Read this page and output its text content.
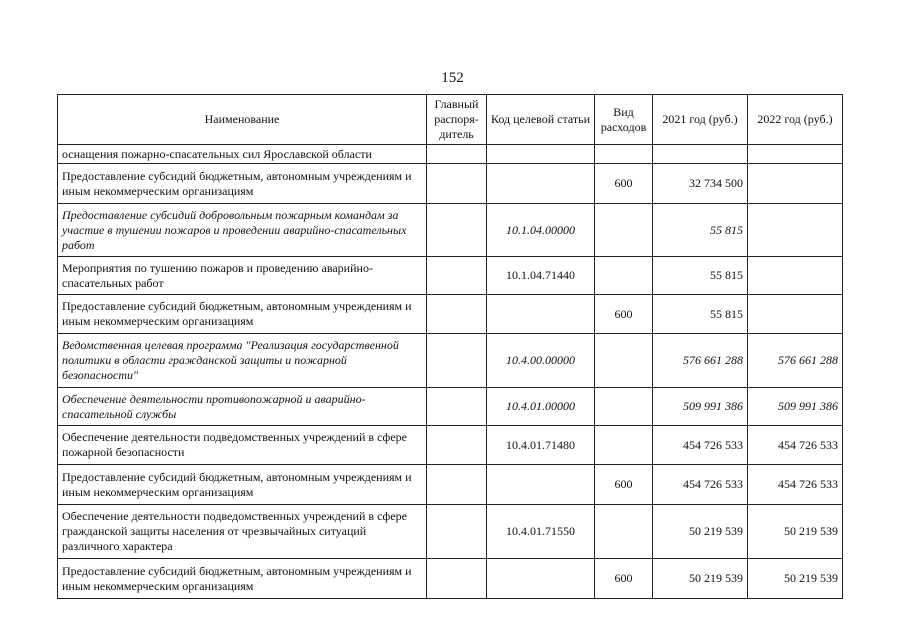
152
Наименование	Главный распоря-дитель	Код целевой статьи	Вид расходов	2021 год (руб.)	2022 год (руб.)
оснащения пожарно-спасательных сил Ярославской области					
Предоставление субсидий бюджетным, автономным учреждениям и иным некоммерческим организациям			600	32 734 500	
Предоставление субсидий добровольным пожарным командам за участие в тушении пожаров и проведении аварийно-спасательных работ		10.1.04.00000		55 815	
Мероприятия по тушению пожаров и проведению аварийно-спасательных работ		10.1.04.71440		55 815	
Предоставление субсидий бюджетным, автономным учреждениям и иным некоммерческим организациям			600	55 815	
Ведомственная целевая программа "Реализация государственной политики в области гражданской защиты и пожарной безопасности"		10.4.00.00000		576 661 288	576 661 288
Обеспечение деятельности противопожарной и аварийно-спасательной службы		10.4.01.00000		509 991 386	509 991 386
Обеспечение деятельности подведомственных учреждений в сфере пожарной безопасности		10.4.01.71480		454 726 533	454 726 533
Предоставление субсидий бюджетным, автономным учреждениям и иным некоммерческим организациям			600	454 726 533	454 726 533
Обеспечение деятельности подведомственных учреждений в сфере гражданской защиты населения от чрезвычайных ситуаций различного характера		10.4.01.71550		50 219 539	50 219 539
Предоставление субсидий бюджетным, автономным учреждениям и иным некоммерческим организациям			600	50 219 539	50 219 539
